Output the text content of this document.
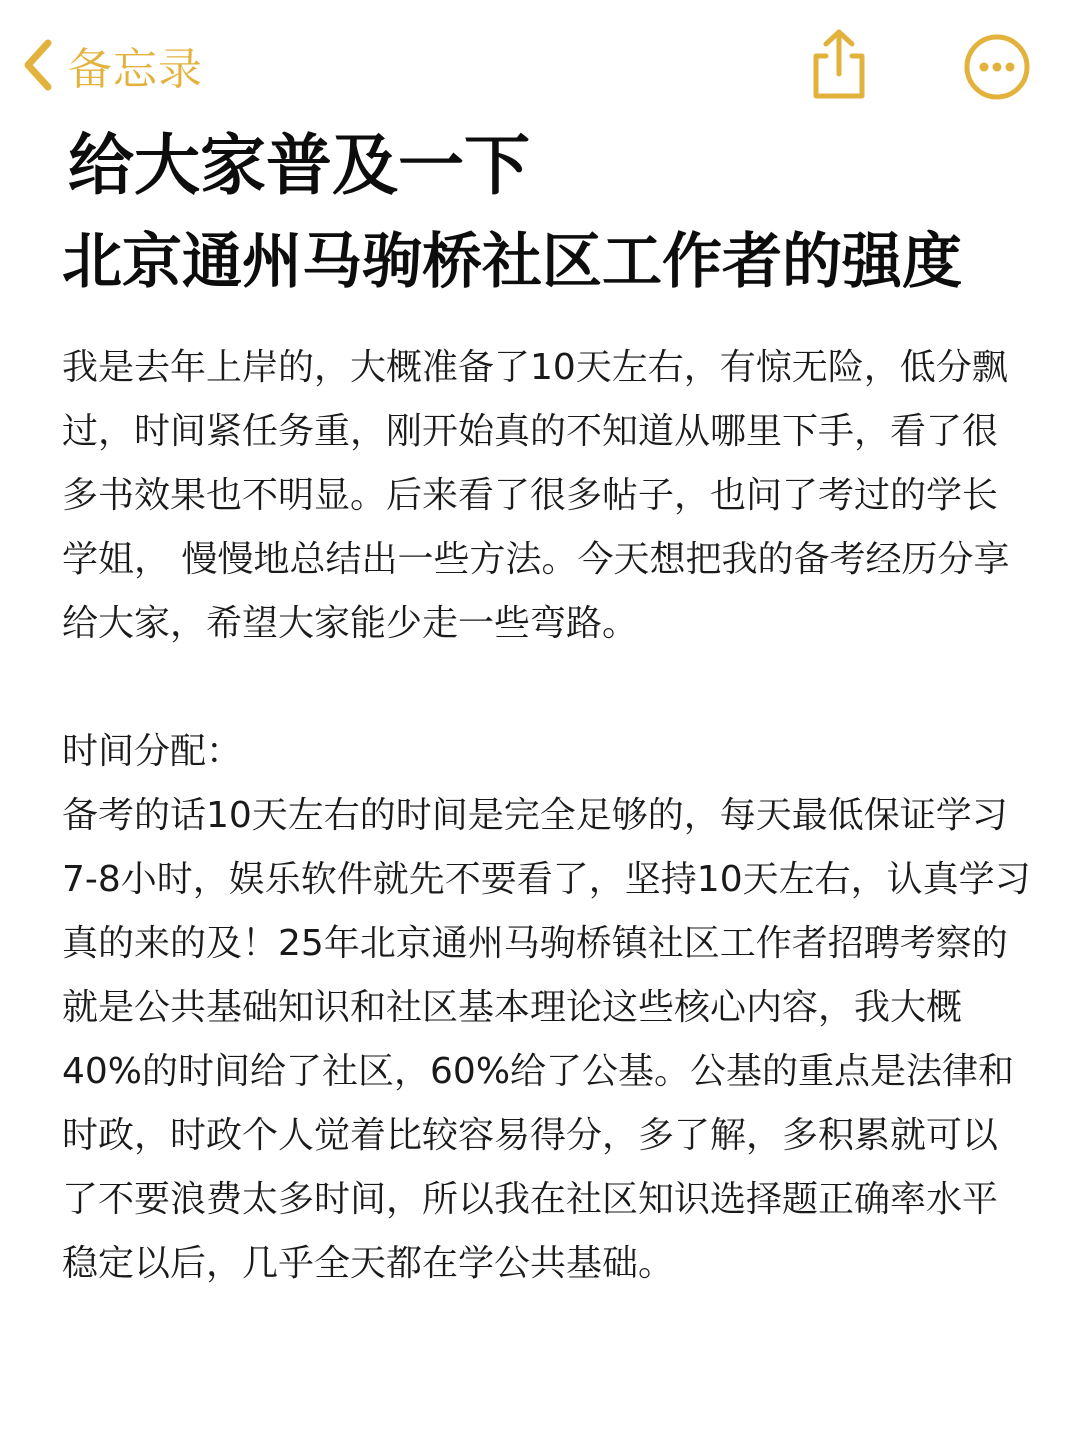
备忘录
给大家普及一下
北京通州马驹桥社区工作者的强度

我是去年上岸的，大概准备了10天左右，有惊无险，低分飘过，时间紧任务重，刚开始真的不知道从哪里下手，看了很多书效果也不明显。后来看了很多帖子，也问了考过的学长学姐， 慢慢地总结出一些方法。今天想把我的备考经历分享给大家，希望大家能少走一些弯路。

时间分配：

备考的话10天左右的时间是完全足够的，每天最低保证学习7-8小时，娱乐软件就先不要看了，坚持10天左右，认真学习真的来的及！25年北京通州马驹桥镇社区工作者招聘考察的就是公共基础知识和社区基本理论这些核心内容，我大概40%的时间给了社区，60%给了公基。公基的重点是法律和时政，时政个人觉着比较容易得分，多了解，多积累就可以了不要浪费太多时间，所以我在社区知识选择题正确率水平稳定以后，几乎全天都在学公共基础。
